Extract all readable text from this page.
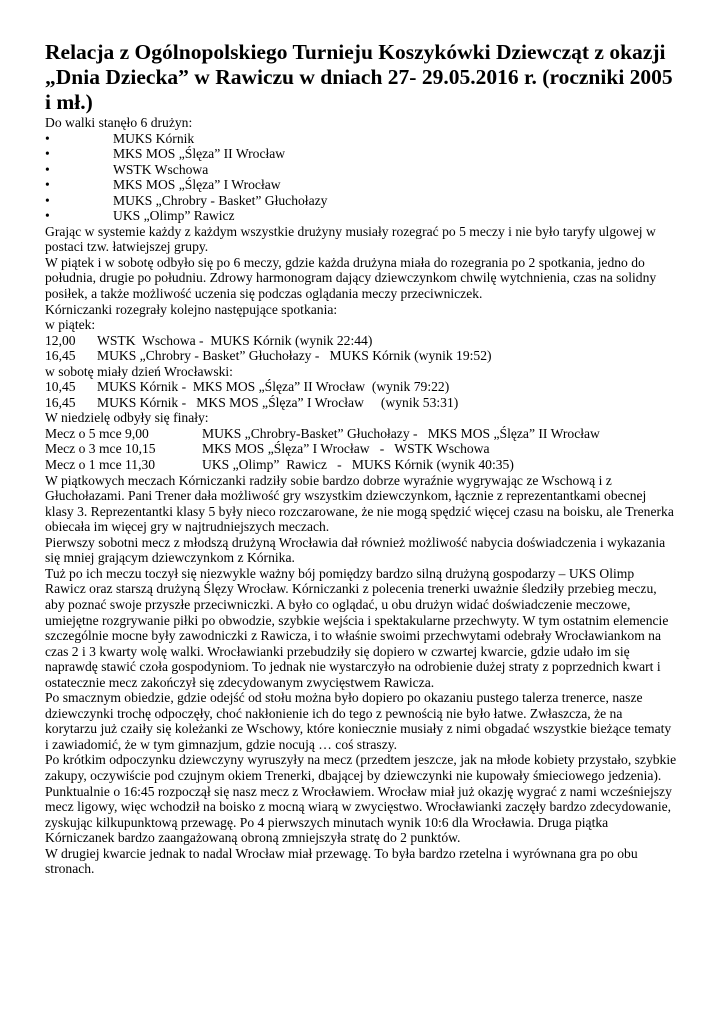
Relacja z Ogólnopolskiego Turnieju Koszykówki Dziewcząt z okazji „Dnia Dziecka” w Rawiczu w dniach 27- 29.05.2016 r. (roczniki 2005 i mł.)

Do walki stanęło 6 drużyn:

•	MUKS Kórnik
•	MKS MOS „Ślęza” II Wrocław
•	WSTK Wschowa
•	MKS MOS „Ślęza” I Wrocław
•	MUKS „Chrobry - Basket” Głuchołazy
•	UKS „Olimp” Rawicz

Grając w systemie każdy z każdym wszystkie drużyny musiały rozegrać po 5 meczy i nie było taryfy ulgowej w postaci tzw. łatwiejszej grupy.

W piątek i w sobotę odbyło się po 6 meczy, gdzie każda drużyna miała do rozegrania po 2 spotkania, jedno do południa, drugie po południu. Zdrowy harmonogram dający dziewczynkom chwilę wytchnienia, czas na solidny posiłek, a także możliwość uczenia się podczas oglądania meczy przeciwniczek.

Kórniczanki rozegrały kolejno następujące spotkania:

w piątek:

12,00	WSTK  Wschowa -  MUKS Kórnik (wynik 22:44)
16,45	MUKS „Chrobry - Basket” Głuchołazy -   MUKS Kórnik (wynik 19:52)

w sobotę miały dzień Wrocławski:

10,45	MUKS Kórnik -  MKS MOS „Ślęza” II Wrocław  (wynik 79:22)
16,45	MUKS Kórnik -   MKS MOS „Ślęza” I Wrocław     (wynik 53:31)

W niedzielę odbyły się finały:

Mecz o 5 mce 9,00	MUKS „Chrobry-Basket” Głuchołazy -   MKS MOS „Ślęza” II Wrocław
Mecz o 3 mce 10,15	MKS MOS „Ślęza” I Wrocław   -   WSTK Wschowa
Mecz o 1 mce 11,30	UKS „Olimp”  Rawicz   -   MUKS Kórnik (wynik 40:35)

W piątkowych meczach Kórniczanki radziły sobie bardzo dobrze wyraźnie wygrywając ze Wschową i z Głuchołazami. Pani Trener dała możliwość gry wszystkim dziewczynkom, łącznie z reprezentantkami obecnej klasy 3. Reprezentantki klasy 5 były nieco rozczarowane, że nie mogą spędzić więcej czasu na boisku, ale Trenerka obiecała im więcej gry w najtrudniejszych meczach.

Pierwszy sobotni mecz z młodszą drużyną Wrocławia dał również możliwość nabycia doświadczenia i wykazania się mniej grającym dziewczynkom z Kórnika.

Tuż po ich meczu toczył się niezwykle ważny bój pomiędzy bardzo silną drużyną gospodarzy – UKS Olimp Rawicz oraz starszą drużyną Ślęzy Wrocław. Kórniczanki z polecenia trenerki uważnie śledziły przebieg meczu, aby poznać swoje przyszłe przeciwniczki. A było co oglądać, u obu drużyn widać doświadczenie meczowe, umiejętne rozgrywanie piłki po obwodzie, szybkie wejścia i spektakularne przechwyty. W tym ostatnim elemencie szczególnie mocne były zawodniczki z Rawicza, i to właśnie swoimi przechwytami odebrały Wrocławiankom na czas 2 i 3 kwarty wolę walki. Wrocławianki przebudziły się dopiero w czwartej kwarcie, gdzie udało im się naprawdę stawić czoła gospodyniom. To jednak nie wystarczyło na odrobienie dużej straty z poprzednich kwart i ostatecznie mecz zakończył się zdecydowanym zwycięstwem Rawicza.

Po smacznym obiedzie, gdzie odejść od stołu można było dopiero po okazaniu pustego talerza trenerce, nasze dziewczynki trochę odpoczęły, choć nakłonienie ich do tego z pewnością nie było łatwe. Zwłaszcza, że na korytarzu już czaiły się koleżanki ze Wschowy, które koniecznie musiały z nimi obgadać wszystkie bieżące tematy i zawiadomić, że w tym gimnazjum, gdzie nocują … coś straszy.

Po krótkim odpoczynku dziewczyny wyruszyły na mecz (przedtem jeszcze, jak na młode kobiety przystało, szybkie zakupy, oczywiście pod czujnym okiem Trenerki, dbającej by dziewczynki nie kupowały śmieciowego jedzenia).

Punktualnie o 16:45 rozpoczął się nasz mecz z Wrocławiem. Wrocław miał już okazję wygrać z nami wcześniejszy mecz ligowy, więc wchodził na boisko z mocną wiarą w zwycięstwo. Wrocławianki zaczęły bardzo zdecydowanie, zyskując kilkupunktową przewagę. Po 4 pierwszych minutach wynik 10:6 dla Wrocławia. Druga piątka Kórniczanek bardzo zaangażowaną obroną zmniejszyła stratę do 2 punktów.

W drugiej kwarcie jednak to nadal Wrocław miał przewagę. To była bardzo rzetelna i wyrównana gra po obu stronach.
